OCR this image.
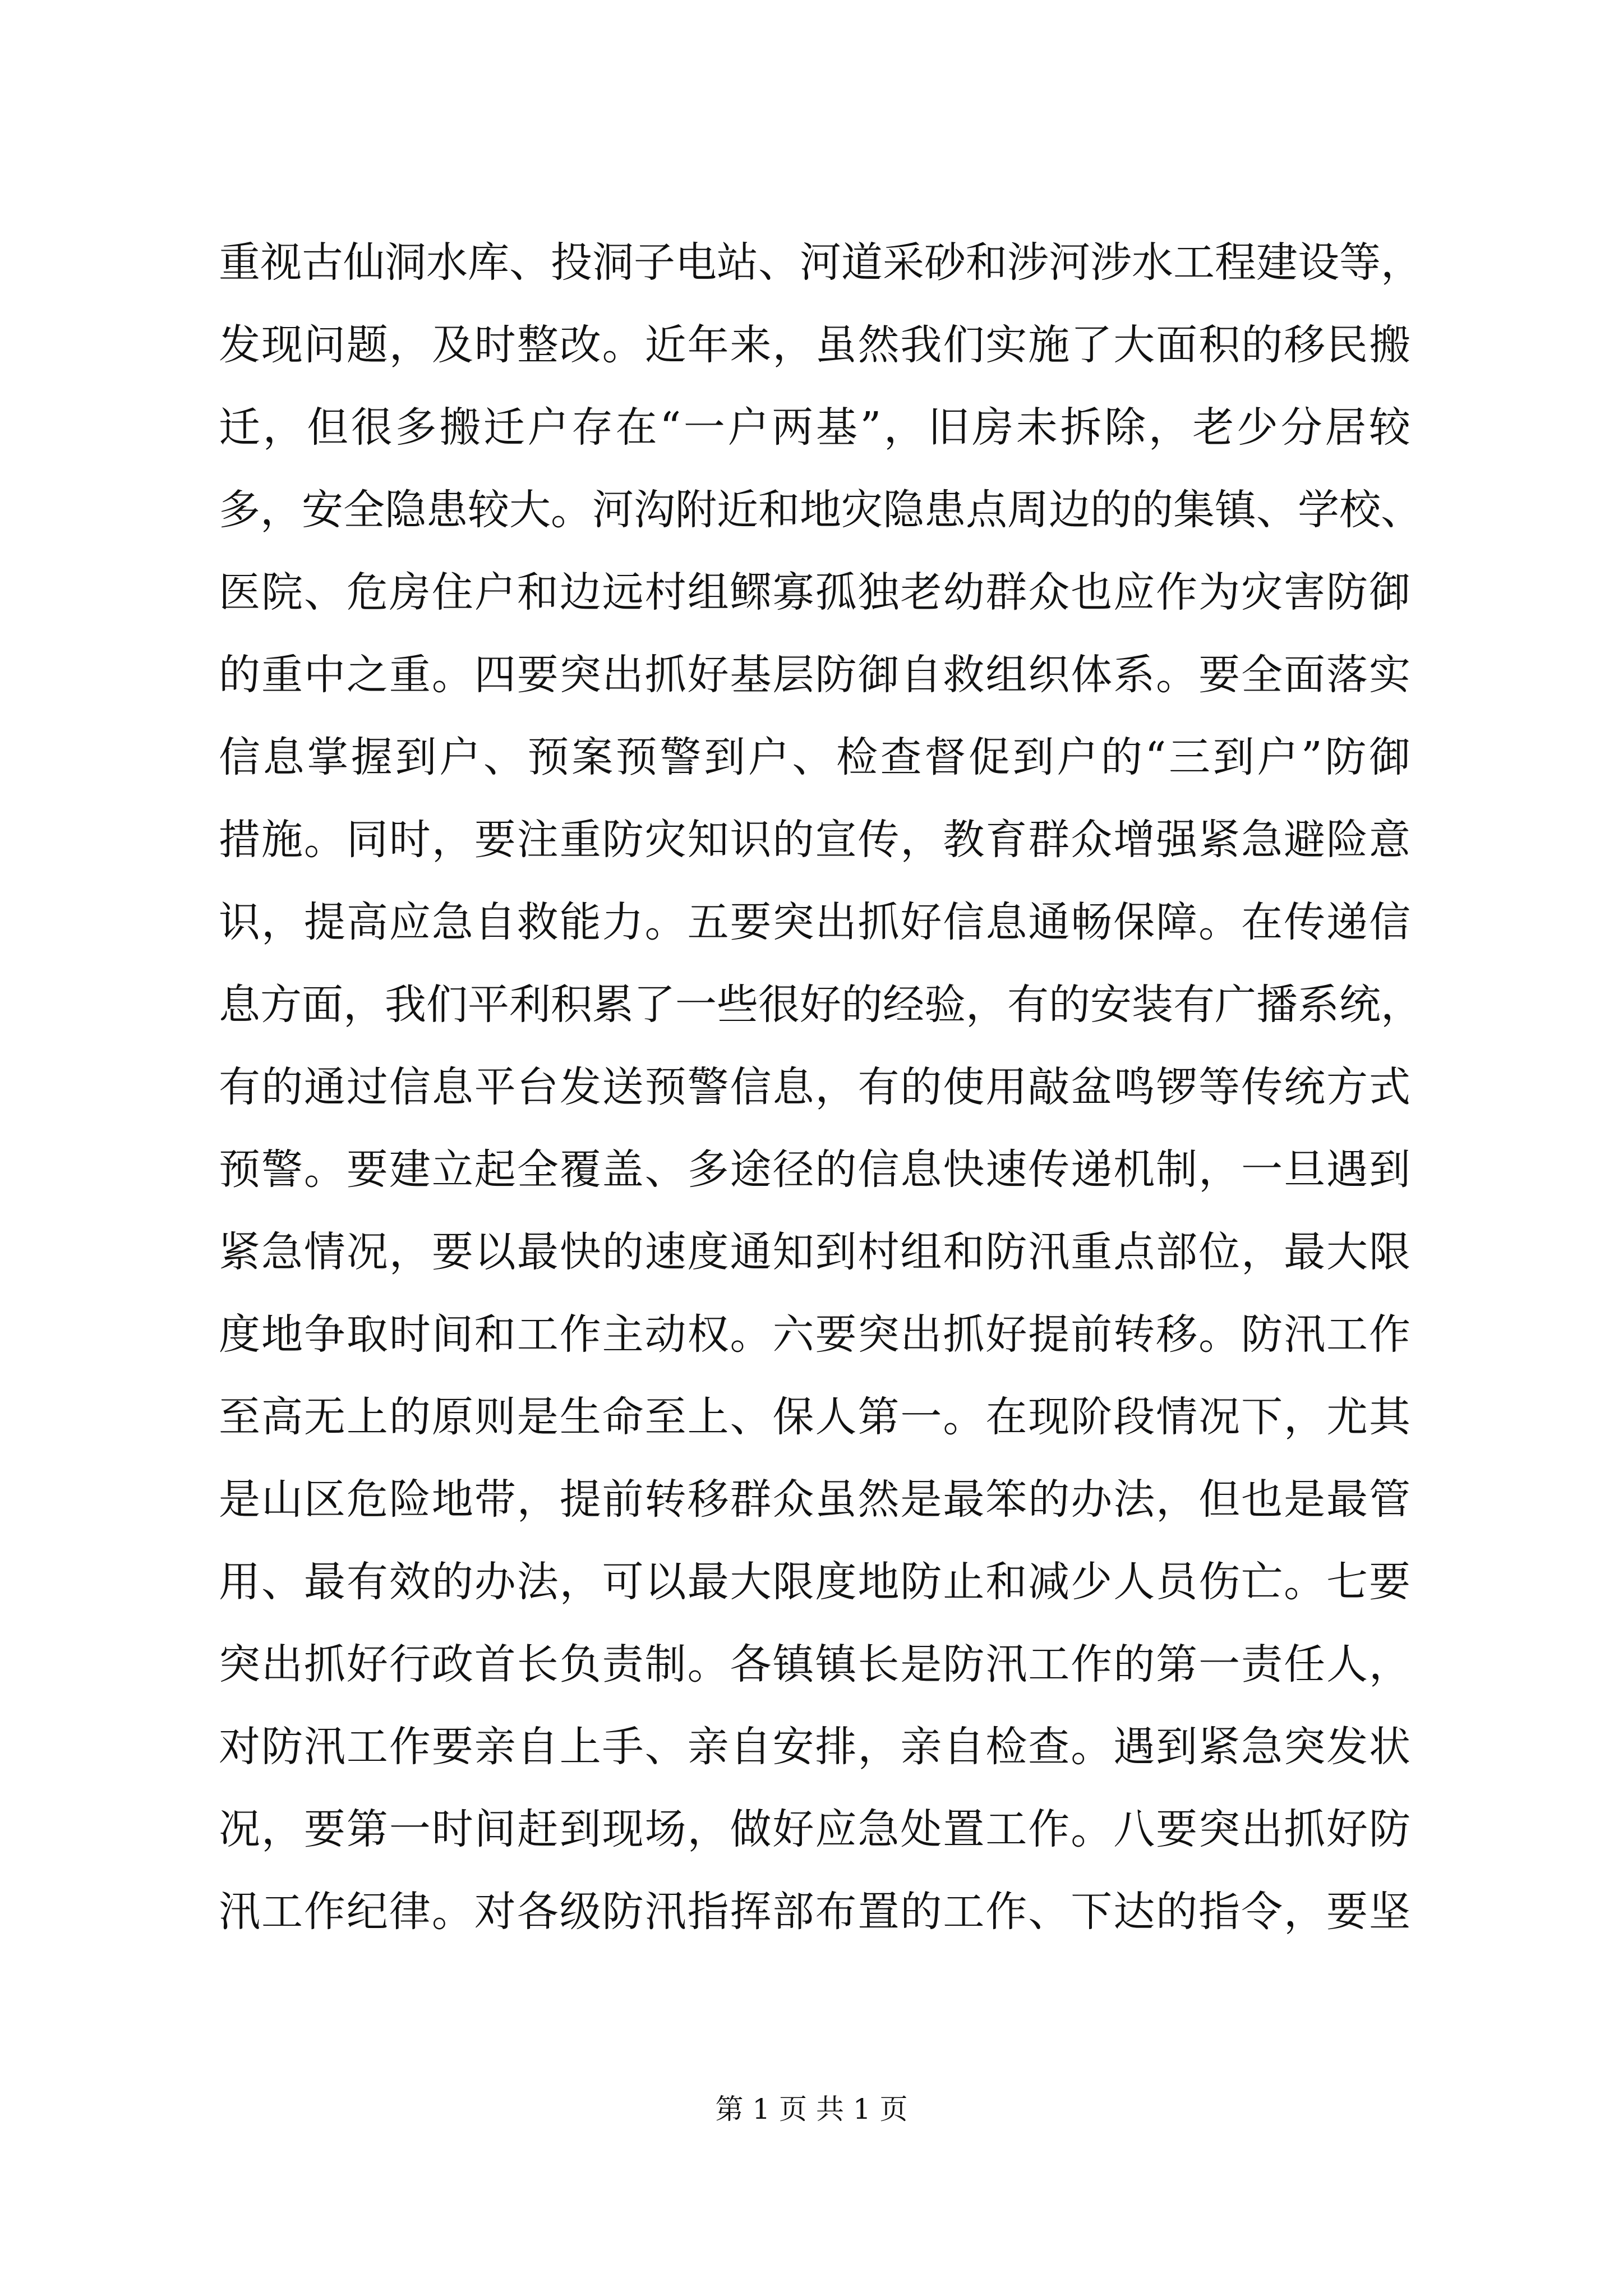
重视古仙洞水库、投洞子电站、河道采砂和涉河涉水工程建设等，
发现问题，及时整改。近年来，虽然我们实施了大面积的移民搬
迁，但很多搬迁户存在“一户两基”，旧房未拆除，老少分居较
多，安全隐患较大。河沟附近和地灾隐患点周边的的集镇、学校、
医院、危房住户和边远村组鳏寡孤独老幼群众也应作为灾害防御
的重中之重。四要突出抓好基层防御自救组织体系。要全面落实
信息掌握到户、预案预警到户、检查督促到户的“三到户”防御
措施。同时，要注重防灾知识的宣传，教育群众增强紧急避险意
识，提高应急自救能力。五要突出抓好信息通畅保障。在传递信
息方面，我们平利积累了一些很好的经验，有的安装有广播系统，
有的通过信息平台发送预警信息，有的使用敲盆鸣锣等传统方式
预警。要建立起全覆盖、多途径的信息快速传递机制，一旦遇到
紧急情况，要以最快的速度通知到村组和防汛重点部位，最大限
度地争取时间和工作主动权。六要突出抓好提前转移。防汛工作
至高无上的原则是生命至上、保人第一。在现阶段情况下，尤其
是山区危险地带，提前转移群众虽然是最笨的办法，但也是最管
用、最有效的办法，可以最大限度地防止和减少人员伤亡。七要
突出抓好行政首长负责制。各镇镇长是防汛工作的第一责任人，
对防汛工作要亲自上手、亲自安排，亲自检查。遇到紧急突发状
况，要第一时间赶到现场，做好应急处置工作。八要突出抓好防
汛工作纪律。对各级防汛指挥部布置的工作、下达的指令，要坚
第 1 页 共 1 页
